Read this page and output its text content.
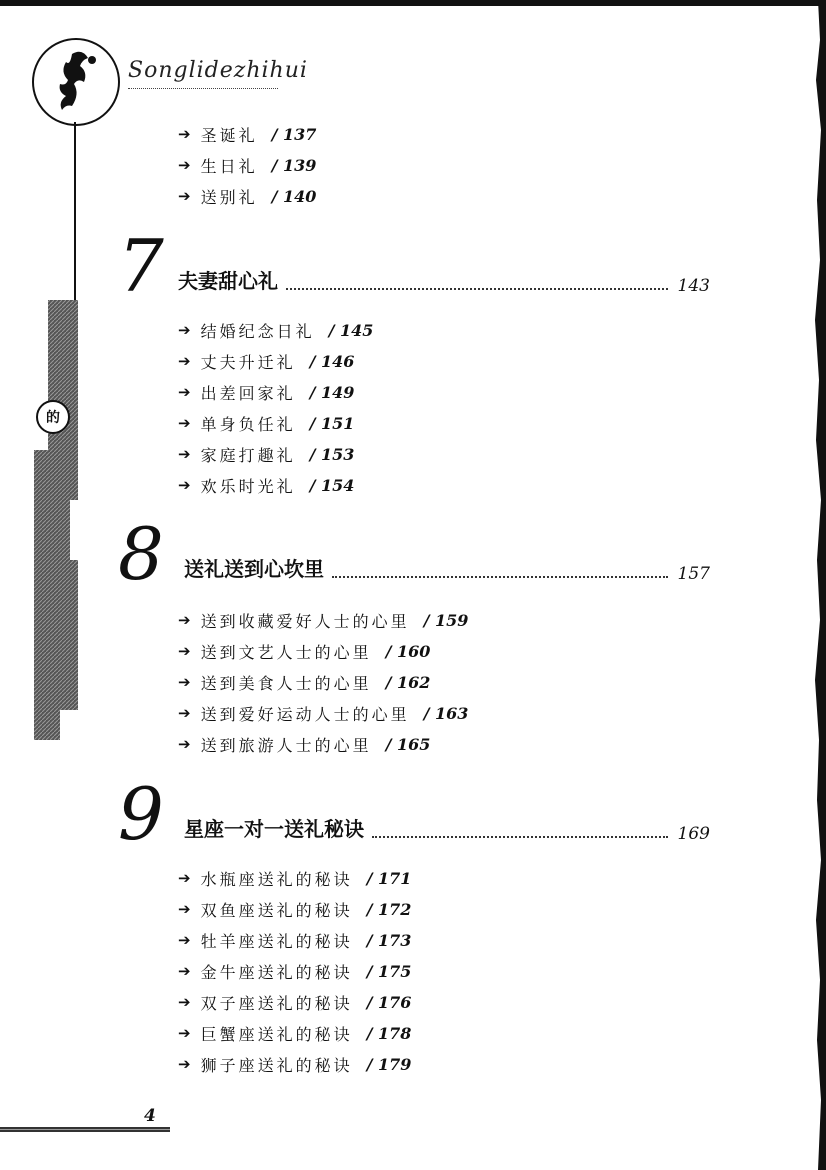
Songlidezhihui
的
➔ 圣诞礼 / 137
➔ 生日礼 / 139
➔ 送别礼 / 140
7 夫妻甜心礼	143
➔ 结婚纪念日礼 / 145
➔ 丈夫升迁礼 / 146
➔ 出差回家礼 / 149
➔ 单身负任礼 / 151
➔ 家庭打趣礼 / 153
➔ 欢乐时光礼 / 154
8 送礼送到心坎里	157
➔ 送到收藏爱好人士的心里 / 159
➔ 送到文艺人士的心里 / 160
➔ 送到美食人士的心里 / 162
➔ 送到爱好运动人士的心里 / 163
➔ 送到旅游人士的心里 / 165
9 星座一对一送礼秘诀	169
➔ 水瓶座送礼的秘诀 / 171
➔ 双鱼座送礼的秘诀 / 172
➔ 牡羊座送礼的秘诀 / 173
➔ 金牛座送礼的秘诀 / 175
➔ 双子座送礼的秘诀 / 176
➔ 巨蟹座送礼的秘诀 / 178
➔ 狮子座送礼的秘诀 / 179
4
